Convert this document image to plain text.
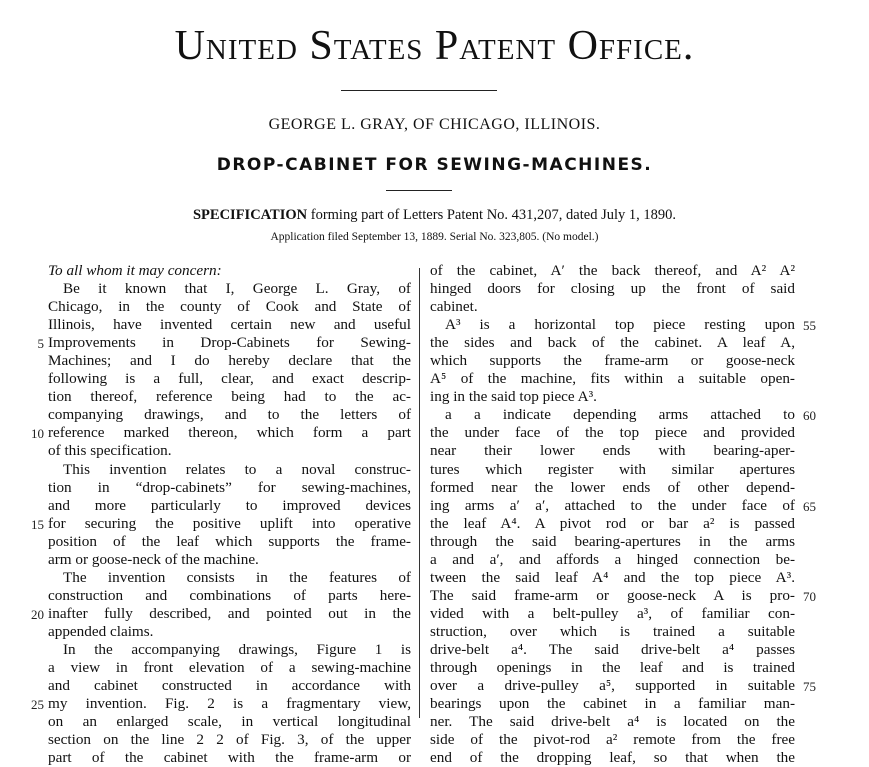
United States Patent Office.
GEORGE L. GRAY, OF CHICAGO, ILLINOIS.
DROP-CABINET FOR SEWING-MACHINES.
SPECIFICATION forming part of Letters Patent No. 431,207, dated July 1, 1890.
Application filed September 13, 1889. Serial No. 323,805. (No model.)
To all whom it may concern:
Be it known that I, George L. Gray, of
Chicago, in the county of Cook and State of
Illinois, have invented certain new and useful
Improvements in Drop-Cabinets for Sewing-
Machines; and I do hereby declare that the
following is a full, clear, and exact descrip-
tion thereof, reference being had to the ac-
companying drawings, and to the letters of
reference marked thereon, which form a part
of this specification.
This invention relates to a noval construc-
tion in “drop-cabinets” for sewing-machines,
and more particularly to improved devices
for securing the positive uplift into operative
position of the leaf which supports the frame-
arm or goose-neck of the machine.
The invention consists in the features of
construction and combinations of parts here-
inafter fully described, and pointed out in the
appended claims.
In the accompanying drawings, Figure 1 is
a view in front elevation of a sewing-machine
and cabinet constructed in accordance with
my invention. Fig. 2 is a fragmentary view,
on an enlarged scale, in vertical longitudinal
section on the line 2 2 of Fig. 3, of the upper
part of the cabinet with the frame-arm or
of the cabinet, A′ the back thereof, and A² A²
hinged doors for closing up the front of said
cabinet.
A³ is a horizontal top piece resting upon
the sides and back of the cabinet. A leaf A,
which supports the frame-arm or goose-neck
A⁵ of the machine, fits within a suitable open-
ing in the said top piece A³.
a a indicate depending arms attached to
the under face of the top piece and provided
near their lower ends with bearing-aper-
tures which register with similar apertures
formed near the lower ends of other depend-
ing arms a′ a′, attached to the under face of
the leaf A⁴. A pivot rod or bar a² is passed
through the said bearing-apertures in the arms
a and a′, and affords a hinged connection be-
tween the said leaf A⁴ and the top piece A³.
The said frame-arm or goose-neck A is pro-
vided with a belt-pulley a³, of familiar con-
struction, over which is trained a suitable
drive-belt a⁴. The said drive-belt a⁴ passes
through openings in the leaf and is trained
over a drive-pulley a⁵, supported in suitable
bearings upon the cabinet in a familiar man-
ner. The said drive-belt a⁴ is located on the
side of the pivot-rod a² remote from the free
end of the dropping leaf, so that when the
5
10
15
20
25
55
60
65
70
75
